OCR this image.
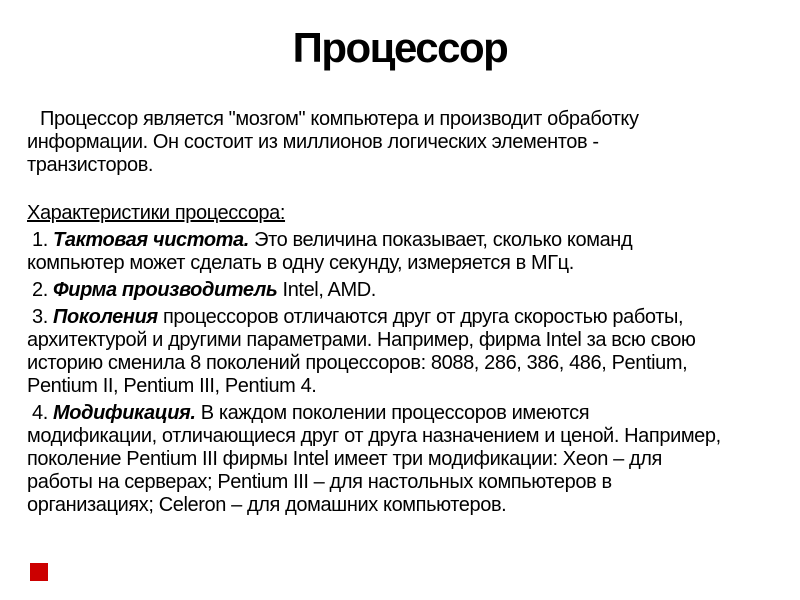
Процессор

Процессор является "мозгом" компьютера и производит обработку информации. Он состоит из миллионов логических элементов - транзисторов.

Характеристики процессора:

1. Тактовая чистота. Это величина показывает, сколько команд компьютер может сделать в одну секунду, измеряется в МГц.

2. Фирма производитель Intel, AMD.

3. Поколения процессоров отличаются друг от друга скоростью работы, архитектурой и другими параметрами. Например, фирма Intel за всю свою историю сменила 8 поколений процессоров: 8088, 286, 386, 486, Pentium, Pentium II, Pentium III, Pentium 4.

4. Модификация. В каждом поколении процессоров имеются модификации, отличающиеся друг от друга назначением и ценой. Например, поколение Pentium III фирмы Intel имеет три модификации: Xeon – для работы на серверах; Pentium III – для настольных компьютеров в организациях; Celeron – для домашних компьютеров.
